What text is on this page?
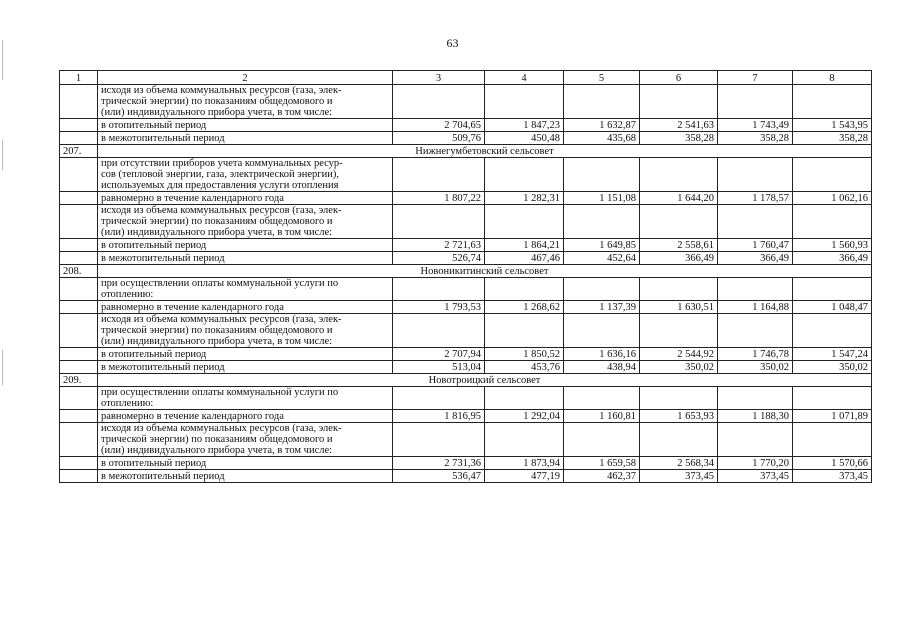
63
1	2	3	4	5	6	7	8

	исходя из объема коммунальных ресурсов (газа, элек-
трической энергии) по показаниям общедомового и
(или) индивидуального прибора учета, в том числе:						

	в отопительный период	2 704,65	1 847,23	1 632,87	2 541,63	1 743,49	1 543,95
	в межотопительный период	509,76	450,48	435,68	358,28	358,28	358,28
207.	Нижнегумбетовский сельсовет						

	при отсутствии приборов учета коммунальных ресур-
сов (тепловой энергии, газа, электрической энергии),
используемых для предоставления услуги отопления						

	равномерно в течение календарного года	1 807,22	1 282,31	1 151,08	1 644,20	1 178,57	1 062,16

	исходя из объема коммунальных ресурсов (газа, элек-
трической энергии) по показаниям общедомового и
(или) индивидуального прибора учета, в том числе:						

	в отопительный период	2 721,63	1 864,21	1 649,85	2 558,61	1 760,47	1 560,93
	в межотопительный период	526,74	467,46	452,64	366,49	366,49	366,49
208.	Новоникитинский сельсовет						

	при осуществлении оплаты коммунальной услуги по
отоплению:						

	равномерно в течение календарного года	1 793,53	1 268,62	1 137,39	1 630,51	1 164,88	1 048,47

	исходя из объема коммунальных ресурсов (газа, элек-
трической энергии) по показаниям общедомового и
(или) индивидуального прибора учета, в том числе:						

	в отопительный период	2 707,94	1 850,52	1 636,16	2 544,92	1 746,78	1 547,24
	в межотопительный период	513,04	453,76	438,94	350,02	350,02	350,02
209.	Новотроицкий сельсовет						

	при осуществлении оплаты коммунальной услуги по
отоплению:						

	равномерно в течение календарного года	1 816,95	1 292,04	1 160,81	1 653,93	1 188,30	1 071,89

	исходя из объема коммунальных ресурсов (газа, элек-
трической энергии) по показаниям общедомового и
(или) индивидуального прибора учета, в том числе:						

	в отопительный период	2 731,36	1 873,94	1 659,58	2 568,34	1 770,20	1 570,66
	в межотопительный период	536,47	477,19	462,37	373,45	373,45	373,45
